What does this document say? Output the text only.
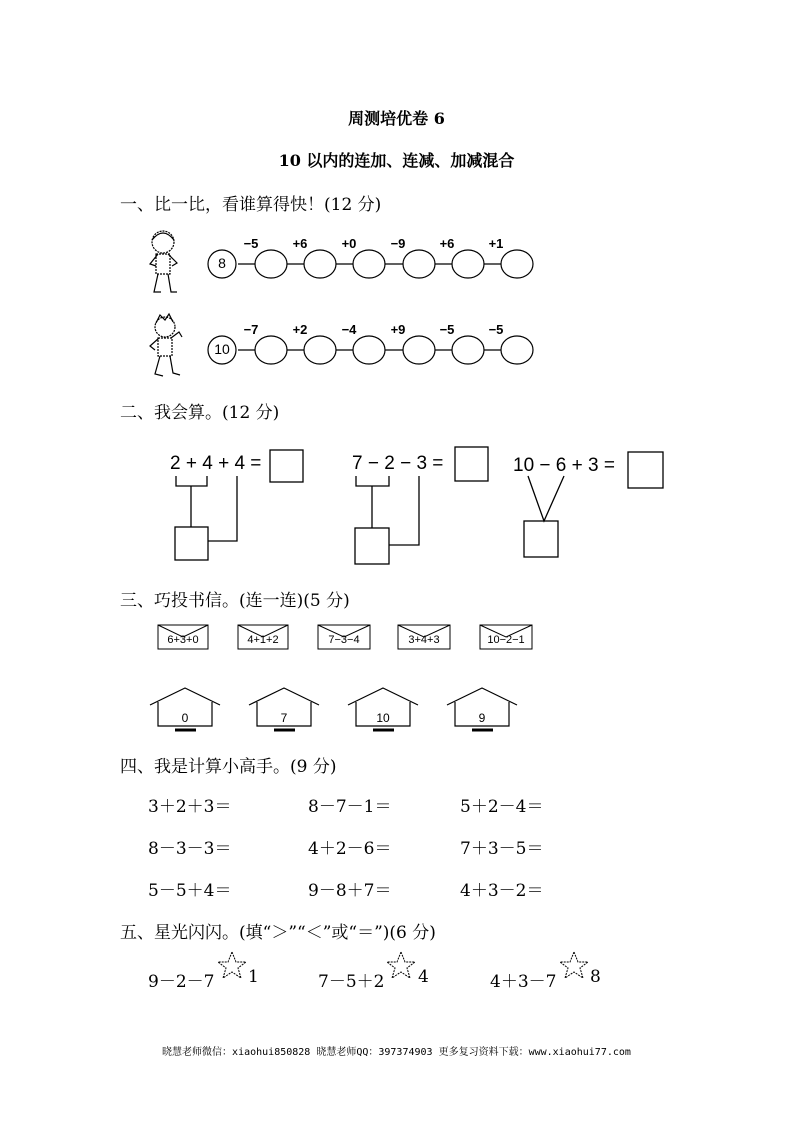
周测培优卷 6
10 以内的连加、连减、加减混合
一、比一比，看谁算得快！(12 分)
8
−5	+6	+0	−9	+6	+1
10
−7	+2	−4	+9	−5	−5
二、我会算。(12 分)
2 + 4 + 4 =	7 − 2 − 3 =	10 − 6 + 3 =
三、巧投书信。(连一连)(5 分)
6+3+0	4+1+2	7−3−4	3+4+3	10−2−1
0	7	10	9
四、我是计算小高手。(9 分)
3＋2＋3＝	8－7－1＝	5＋2－4＝
8－3－3＝	4＋2－6＝	7＋3－5＝
5－5＋4＝	9－8＋7＝	4＋3－2＝
五、星光闪闪。(填“＞”“＜”或“＝”)(6 分)
9－2－7 1	7－5＋2 4	4＋3－7 8
晓慧老师微信：xiaohui850828 晓慧老师QQ：397374903 更多复习资料下载：www.xiaohui77.com
